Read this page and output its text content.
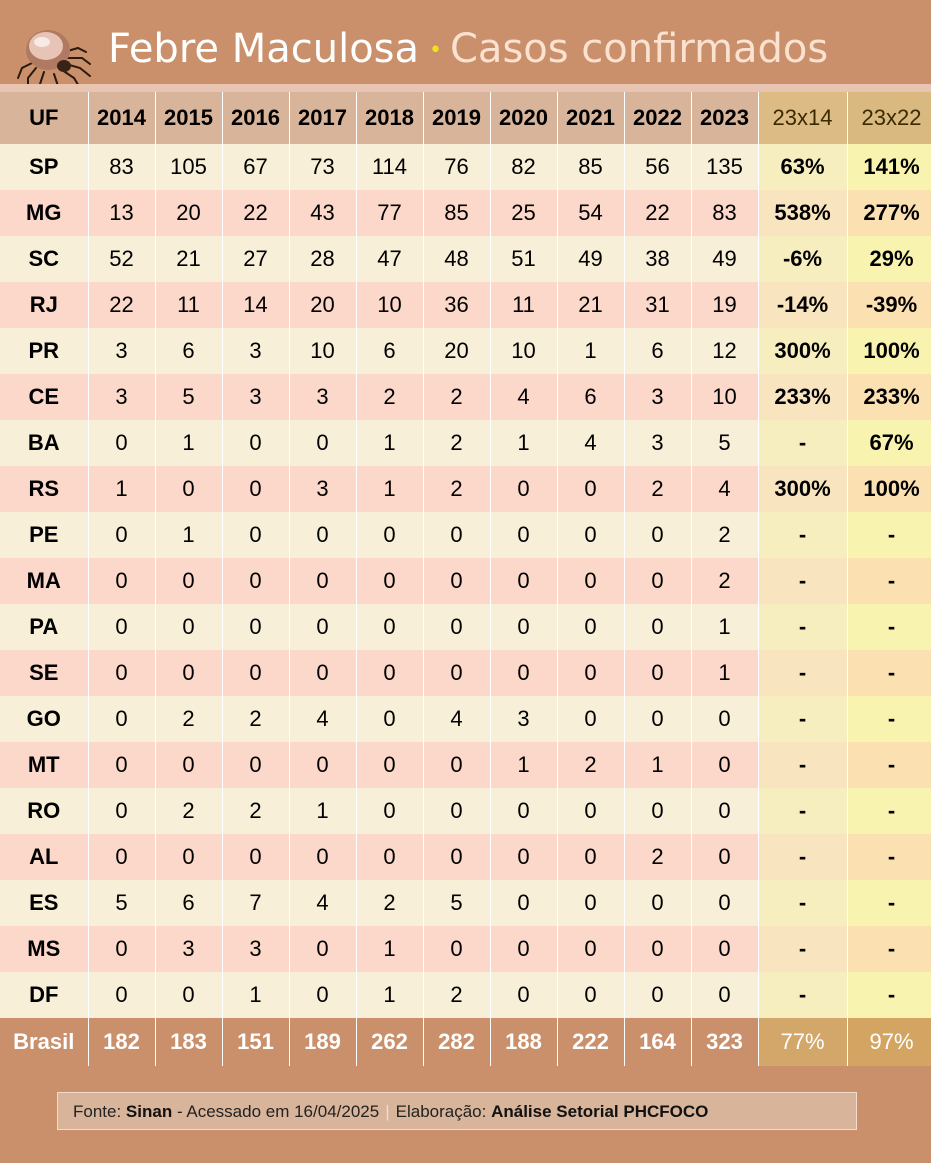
Febre Maculosa • Casos confirmados
UF	2014	2015	2016	2017	2018	2019	2020	2021	2022	2023	23x14	23x22
SP	83	105	67	73	114	76	82	85	56	135	63%	141%
MG	13	20	22	43	77	85	25	54	22	83	538%	277%
SC	52	21	27	28	47	48	51	49	38	49	-6%	29%
RJ	22	11	14	20	10	36	11	21	31	19	-14%	-39%
PR	3	6	3	10	6	20	10	1	6	12	300%	100%
CE	3	5	3	3	2	2	4	6	3	10	233%	233%
BA	0	1	0	0	1	2	1	4	3	5	-	67%
RS	1	0	0	3	1	2	0	0	2	4	300%	100%
PE	0	1	0	0	0	0	0	0	0	2	-	-
MA	0	0	0	0	0	0	0	0	0	2	-	-
PA	0	0	0	0	0	0	0	0	0	1	-	-
SE	0	0	0	0	0	0	0	0	0	1	-	-
GO	0	2	2	4	0	4	3	0	0	0	-	-
MT	0	0	0	0	0	0	1	2	1	0	-	-
RO	0	2	2	1	0	0	0	0	0	0	-	-
AL	0	0	0	0	0	0	0	0	2	0	-	-
ES	5	6	7	4	2	5	0	0	0	0	-	-
MS	0	3	3	0	1	0	0	0	0	0	-	-
DF	0	0	1	0	1	2	0	0	0	0	-	-
Brasil	182	183	151	189	262	282	188	222	164	323	77%	97%
Fonte: Sinan - Acessado em 16/04/2025 | Elaboração: Análise Setorial PHCFOCO
